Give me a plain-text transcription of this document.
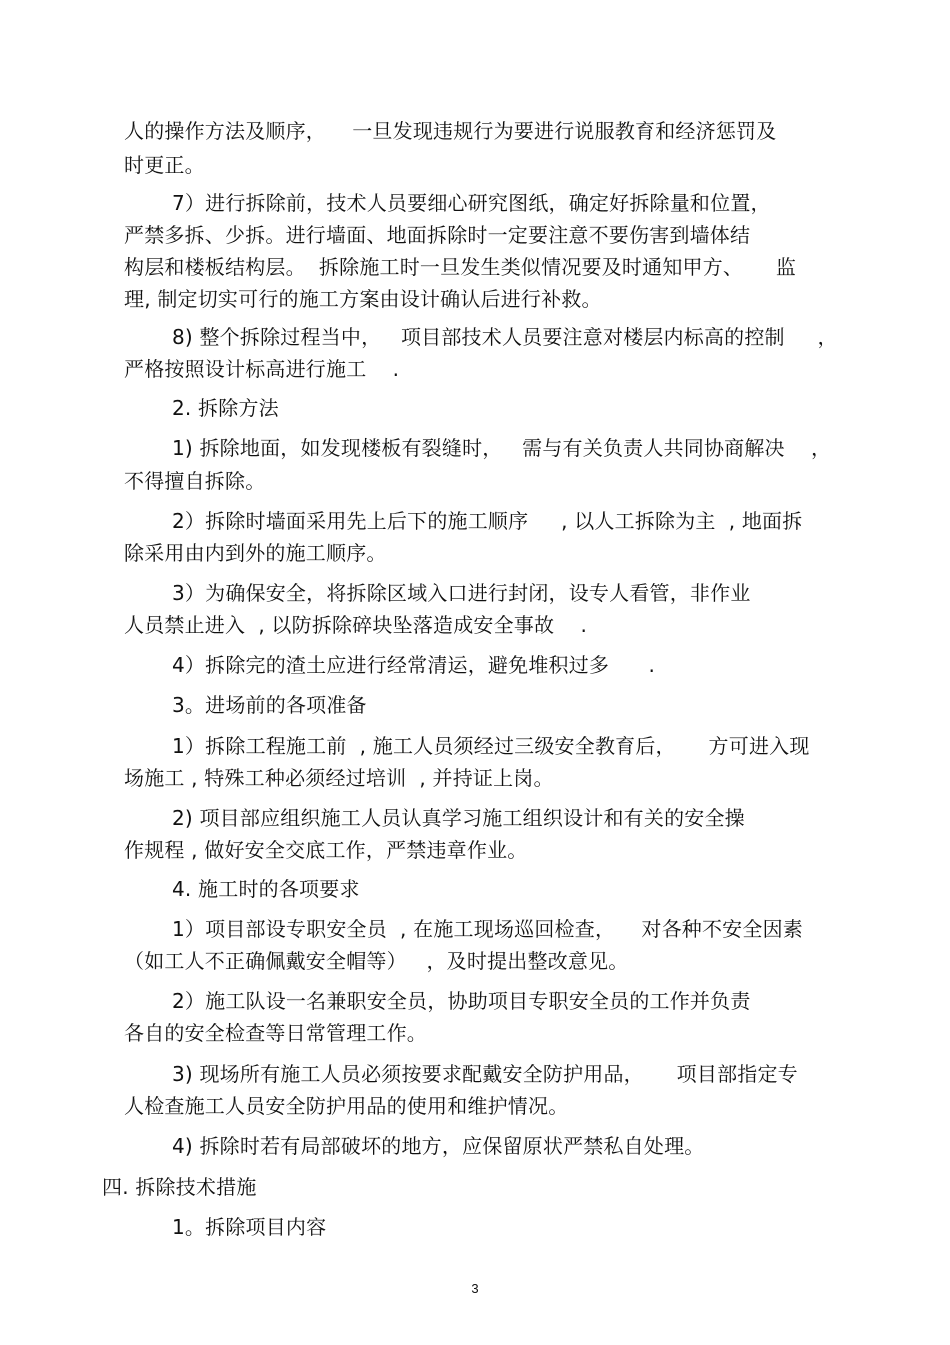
人的操作方法及顺序，    一旦发现违规行为要进行说服教育和经济惩罚及
时更正。
7）进行拆除前，技术人员要细心研究图纸，确定好拆除量和位置，
严禁多拆、少拆。进行墙面、地面拆除时一定要注意不要伤害到墙体结
构层和楼板结构层。  拆除施工时一旦发生类似情况要及时通知甲方、     监
理, 制定切实可行的施工方案由设计确认后进行补救。
8) 整个拆除过程当中，   项目部技术人员要注意对楼层内标高的控制     ，
严格按照设计标高进行施工    .
2. 拆除方法
1) 拆除地面，如发现楼板有裂缝时，   需与有关负责人共同协商解决    ，
不得擅自拆除。
2）拆除时墙面采用先上后下的施工顺序     , 以人工拆除为主  , 地面拆
除采用由内到外的施工顺序。
3）为确保安全，将拆除区域入口进行封闭，设专人看管，非作业
人员禁止进入  , 以防拆除碎块坠落造成安全事故    .
4）拆除完的渣土应进行经常清运，避免堆积过多      .
3。进场前的各项准备
1）拆除工程施工前  , 施工人员须经过三级安全教育后，     方可进入现
场施工 , 特殊工种必须经过培训  , 并持证上岗。
2) 项目部应组织施工人员认真学习施工组织设计和有关的安全操
作规程 , 做好安全交底工作，严禁违章作业。
4. 施工时的各项要求
1）项目部设专职安全员  , 在施工现场巡回检查，    对各种不安全因素
（如工人不正确佩戴安全帽等）   ，及时提出整改意见。
2）施工队设一名兼职安全员，协助项目专职安全员的工作并负责
各自的安全检查等日常管理工作。
3) 现场所有施工人员必须按要求配戴安全防护用品，     项目部指定专
人检查施工人员安全防护用品的使用和维护情况。
4) 拆除时若有局部破坏的地方，应保留原状严禁私自处理。
四. 拆除技术措施
1。拆除项目内容
3
